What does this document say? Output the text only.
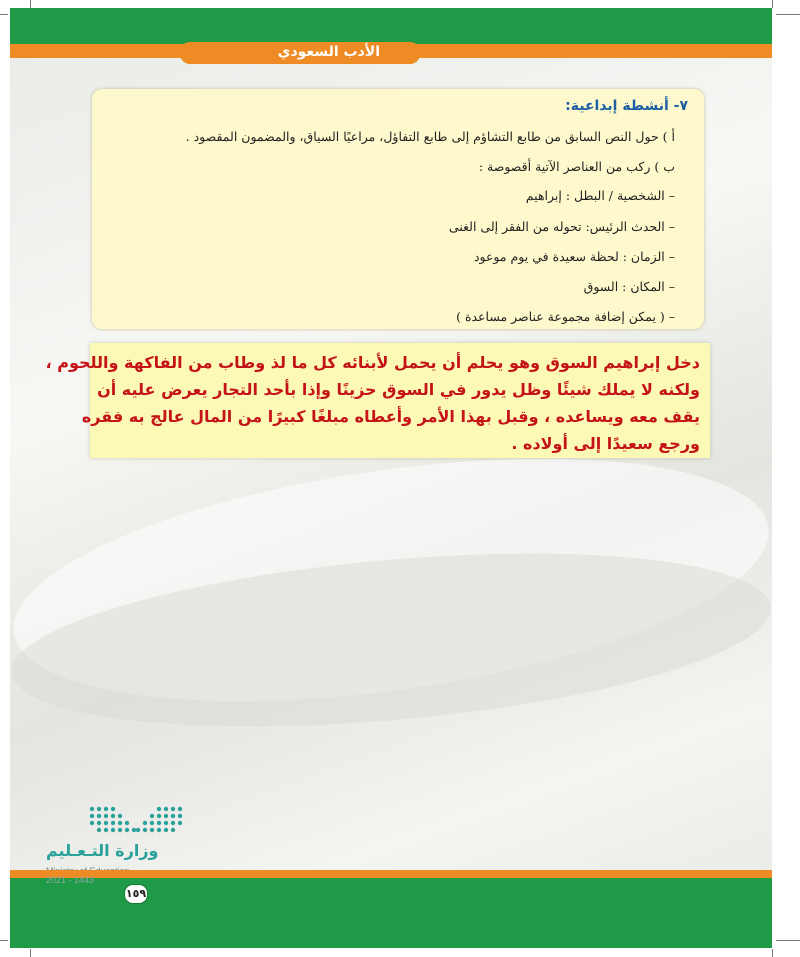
الأدب السعودي
٧- أنشطة إبداعية:
أ ) حول النص السابق من طابع التشاؤم إلى طابع التفاؤل، مراعيًا السياق، والمضمون المقصود .
ب ) ركب من العناصر الآتية أقصوصة :
– الشخصية / البطل : إبراهيم
– الحدث الرئيس: تحوله من الفقر إلى الغنى
– الزمان : لحظة سعيدة في يوم موعود
– المكان : السوق
– ( يمكن إضافة مجموعة عناصر مساعدة )
دخل إبراهيم السوق وهو يحلم أن يحمل لأبنائه كل ما لذ وطاب من الفاكهة واللحوم ،
ولكنه لا يملك شيئًا وظل يدور في السوق حزينًا وإذا بأحد التجار يعرض عليه أن
يقف معه ويساعده ، وقبل بهذا الأمر وأعطاه مبلغًا كبيرًا من المال عالج به فقره
ورجع سعيدًا إلى أولاده .
وزارة التـعـليم
2021 - 1443
١٥٩
